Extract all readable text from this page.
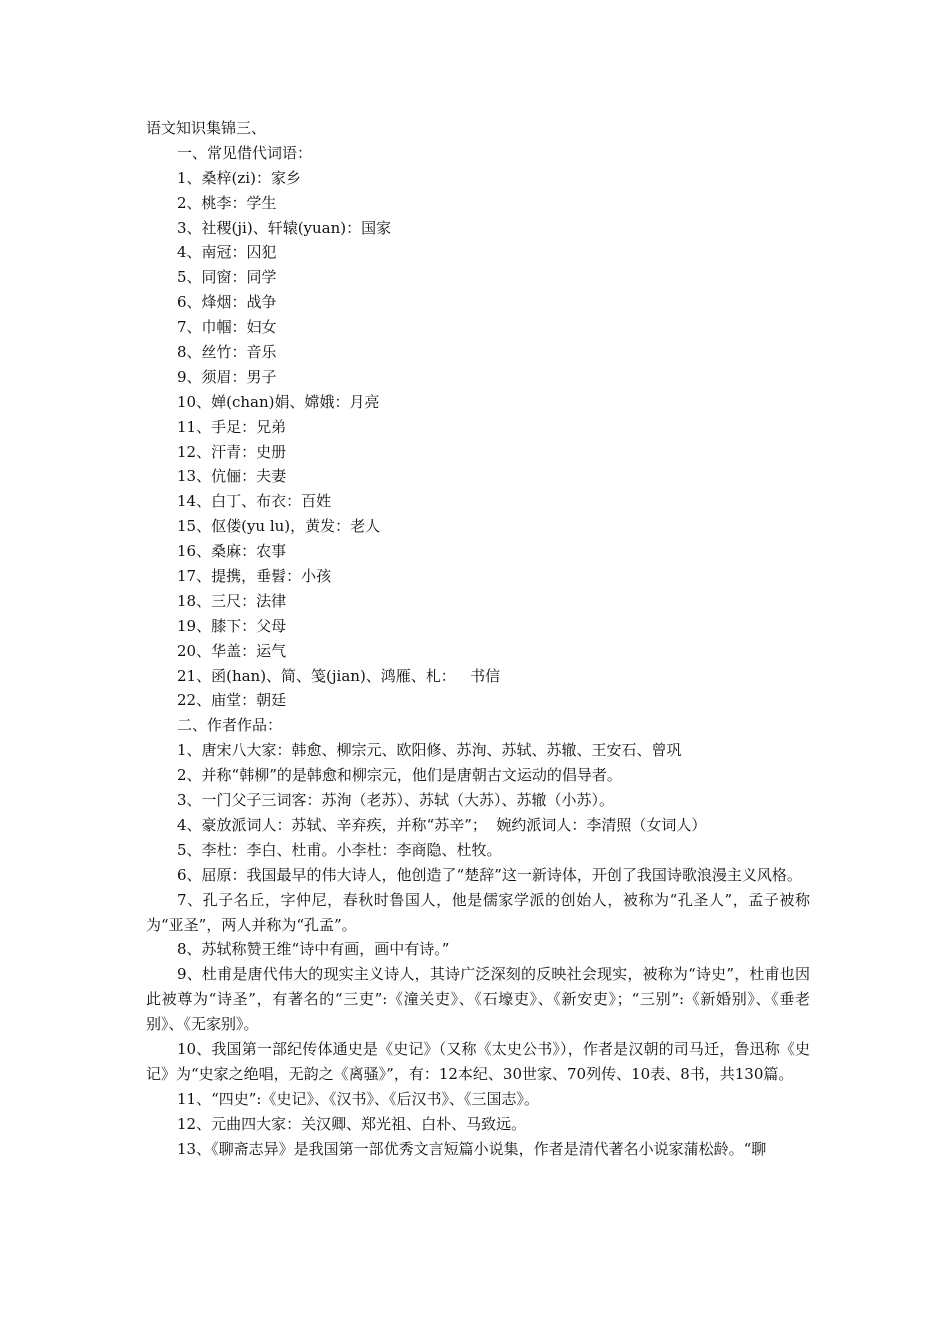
语文知识集锦三、
一、常见借代词语：
1、桑梓(zi)：家乡
2、桃李：学生
3、社稷(ji)、轩辕(yuan)：国家
4、南冠：囚犯
5、同窗：同学
6、烽烟：战争
7、巾帼：妇女
8、丝竹：音乐
9、须眉：男子
10、婵(chan)娟、嫦娥：月亮
11、手足：兄弟
12、汗青：史册
13、伉俪：夫妻
14、白丁、布衣：百姓
15、伛偻(yu lu)，黄发：老人
16、桑麻：农事
17、提携，垂髫：小孩
18、三尺：法律
19、膝下：父母
20、华盖：运气
21、函(han)、简、笺(jian)、鸿雁、札：   书信
22、庙堂：朝廷
二、作者作品：
1、唐宋八大家：韩愈、柳宗元、欧阳修、苏洵、苏轼、苏辙、王安石、曾巩
2、并称“韩柳”的是韩愈和柳宗元，他们是唐朝古文运动的倡导者。
3、一门父子三词客：苏洵（老苏）、苏轼（大苏）、苏辙（小苏）。
4、豪放派词人：苏轼、辛弃疾，并称“苏辛”；  婉约派词人：李清照（女词人）
5、李杜：李白、杜甫。小李杜：李商隐、杜牧。
6、屈原：我国最早的伟大诗人，他创造了“楚辞”这一新诗体，开创了我国诗歌浪漫主义风格。
7、孔子名丘，字仲尼，春秋时鲁国人，他是儒家学派的创始人，被称为“孔圣人”，孟子被称为“亚圣”，两人并称为“孔孟”。
8、苏轼称赞王维“诗中有画，画中有诗。”
9、杜甫是唐代伟大的现实主义诗人，其诗广泛深刻的反映社会现实，被称为“诗史”，杜甫也因此被尊为“诗圣”，有著名的“三吏”:《潼关吏》、《石壕吏》、《新安吏》；“三别”:《新婚别》、《垂老别》、《无家别》。
10、我国第一部纪传体通史是《史记》（又称《太史公书》），作者是汉朝的司马迁，鲁迅称《史记》为“史家之绝唱，无韵之《离骚》”，有：12本纪、30世家、70列传、10表、8书，共130篇。
11、“四史”:《史记》、《汉书》、《后汉书》、《三国志》。
12、元曲四大家：关汉卿、郑光祖、白朴、马致远。
13、《聊斋志异》是我国第一部优秀文言短篇小说集，作者是清代著名小说家蒲松龄。“聊
